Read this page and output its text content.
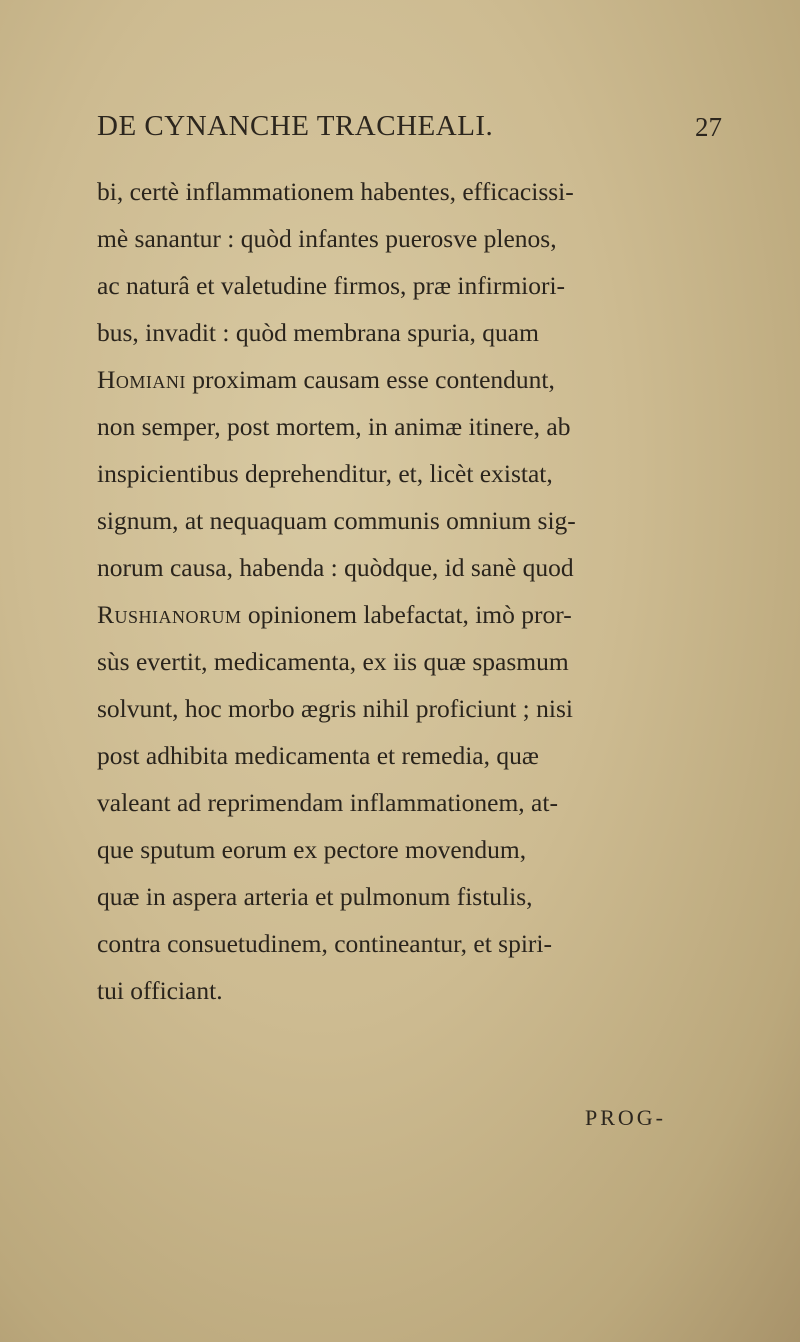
DE CYNANCHE TRACHEALI.	27
bi, certè inflammationem habentes, efficacissi-
mè sanantur : quòd infantes puerosve plenos,
ac naturâ et valetudine firmos, præ infirmiori-
bus, invadit : quòd membrana spuria, quam
Homiani proximam causam esse contendunt,
non semper, post mortem, in animæ itinere, ab
inspicientibus deprehenditur, et, licèt existat,
signum, at nequaquam communis omnium sig-
norum causa, habenda : quòdque, id sanè quod
Rushianorum opinionem labefactat, imò pror-
sùs evertit, medicamenta, ex iis quæ spasmum
solvunt, hoc morbo ægris nihil proficiunt ; nisi
post adhibita medicamenta et remedia, quæ
valeant ad reprimendam inflammationem, at-
que sputum eorum ex pectore movendum,
quæ in aspera arteria et pulmonum fistulis,
contra consuetudinem, contineantur, et spiri-
tui officiant.
PROG-
